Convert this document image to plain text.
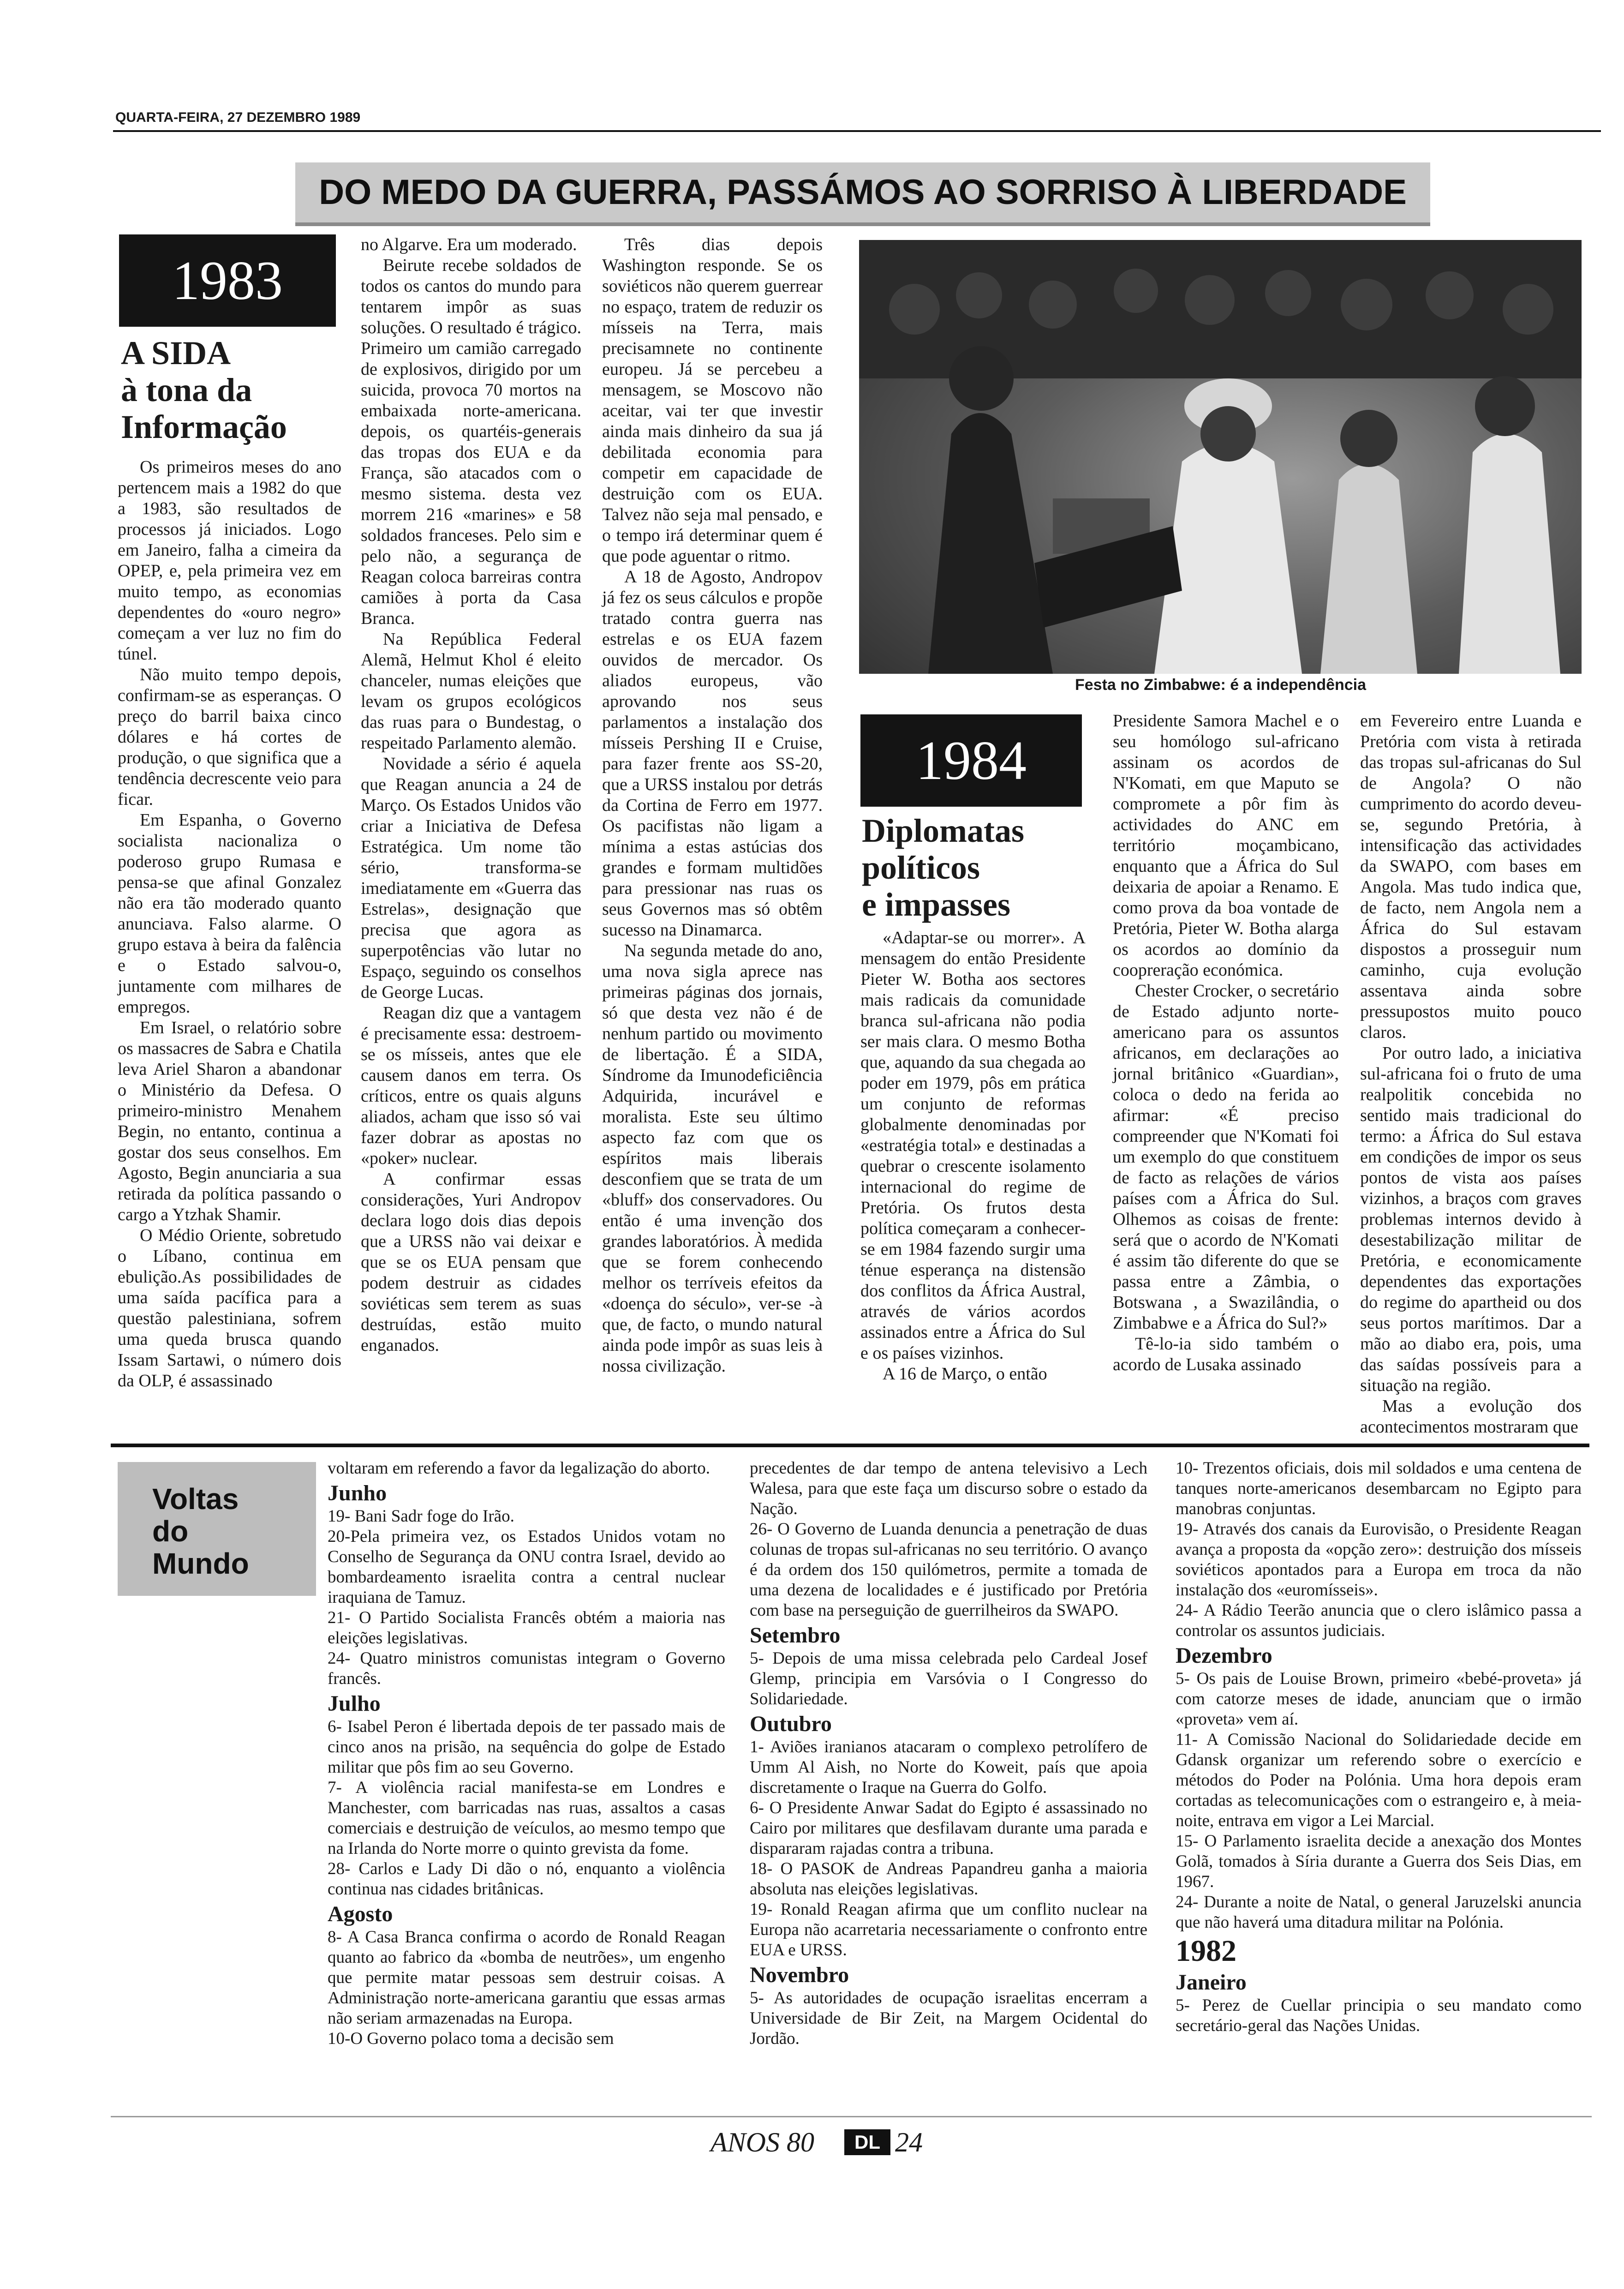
QUARTA-FEIRA, 27 DEZEMBRO 1989
DO MEDO DA GUERRA, PASSÁMOS AO SORRISO À LIBERDADE
1983
A SIDA
à tona da
Informação

Os primeiros meses do ano pertencem mais a 1982 do que a 1983, são resultados de processos já iniciados. Logo em Janeiro, falha a cimeira da OPEP, e, pela primeira vez em muito tempo, as economias dependentes do «ouro negro» começam a ver luz no fim do túnel.

Não muito tempo depois, confirmam-se as esperanças. O preço do barril baixa cinco dólares e há cortes de produção, o que significa que a tendência decrescente veio para ficar.

Em Espanha, o Governo socialista nacionaliza o poderoso grupo Rumasa e pensa-se que afinal Gonzalez não era tão moderado quanto anunciava. Falso alarme. O grupo estava à beira da falência e o Estado salvou-o, juntamente com milhares de empregos.

Em Israel, o relatório sobre os massacres de Sabra e Chatila leva Ariel Sharon a abandonar o Ministério da Defesa. O primeiro-ministro Menahem Begin, no entanto, continua a gostar dos seus conselhos. Em Agosto, Begin anunciaria a sua retirada da política passando o cargo a Ytzhak Shamir.

O Médio Oriente, sobretudo o Líbano, continua em ebulição.As possibilidades de uma saída pacífica para a questão palestiniana, sofrem uma queda brusca quando Issam Sartawi, o número dois da OLP, é assassinado

no Algarve. Era um moderado.

Beirute recebe soldados de todos os cantos do mundo para tentarem impôr as suas soluções. O resultado é trágico. Primeiro um camião carregado de explosivos, dirigido por um suicida, provoca 70 mortos na embaixada norte-americana. depois, os quartéis-generais das tropas dos EUA e da França, são atacados com o mesmo sistema. desta vez morrem 216 «marines» e 58 soldados franceses. Pelo sim e pelo não, a segurança de Reagan coloca barreiras contra camiões à porta da Casa Branca.

Na República Federal Alemã, Helmut Khol é eleito chanceler, numas eleições que levam os grupos ecológicos das ruas para o Bundestag, o respeitado Parlamento alemão.

Novidade a sério é aquela que Reagan anuncia a 24 de Março. Os Estados Unidos vão criar a Iniciativa de Defesa Estratégica. Um nome tão sério, transforma-se imediatamente em «Guerra das Estrelas», designação que precisa que agora as superpotências vão lutar no Espaço, seguindo os conselhos de George Lucas.

Reagan diz que a vantagem é precisamente essa: destroem-se os mísseis, antes que ele causem danos em terra. Os críticos, entre os quais alguns aliados, acham que isso só vai fazer dobrar as apostas no «poker» nuclear.

A confirmar essas considerações, Yuri Andropov declara logo dois dias depois que a URSS não vai deixar e que se os EUA pensam que podem destruir as cidades soviéticas sem terem as suas destruídas, estão muito enganados.

Três dias depois Washington responde. Se os soviéticos não querem guerrear no espaço, tratem de reduzir os mísseis na Terra, mais precisamnete no continente europeu. Já se percebeu a mensagem, se Moscovo não aceitar, vai ter que investir ainda mais dinheiro da sua já debilitada economia para competir em capacidade de destruição com os EUA. Talvez não seja mal pensado, e o tempo irá determinar quem é que pode aguentar o ritmo.

A 18 de Agosto, Andropov já fez os seus cálculos e propõe tratado contra guerra nas estrelas e os EUA fazem ouvidos de mercador. Os aliados europeus, vão aprovando nos seus parlamentos a instalação dos mísseis Pershing II e Cruise, para fazer frente aos SS-20, que a URSS instalou por detrás da Cortina de Ferro em 1977. Os pacifistas não ligam a mínima a estas astúcias dos grandes e formam multidões para pressionar nas ruas os seus Governos mas só obtêm sucesso na Dinamarca.

Na segunda metade do ano, uma nova sigla aprece nas primeiras páginas dos jornais, só que desta vez não é de nenhum partido ou movimento de libertação. É a SIDA, Síndrome da Imunodeficiência Adquirida, incurável e moralista. Este seu último aspecto faz com que os espíritos mais liberais desconfiem que se trata de um «bluff» dos conservadores. Ou então é uma invenção dos grandes laboratórios. À medida que se forem conhecendo melhor os terríveis efeitos da «doença do século», ver-se -à que, de facto, o mundo natural ainda pode impôr as suas leis à nossa civilização.

Festa no Zimbabwe: é a independência
1984
Diplomatas
políticos
e impasses

«Adaptar-se ou morrer». A mensagem do então Presidente Pieter W. Botha aos sectores mais radicais da comunidade branca sul-africana não podia ser mais clara. O mesmo Botha que, aquando da sua chegada ao poder em 1979, pôs em prática um conjunto de reformas globalmente denominadas por «estratégia total» e destinadas a quebrar o crescente isolamento internacional do regime de Pretória. Os frutos desta política começaram a conhecer-se em 1984 fazendo surgir uma ténue esperança na distensão dos conflitos da África Austral, através de vários acordos assinados entre a África do Sul e os países vizinhos.

A 16 de Março, o então

Presidente Samora Machel e o seu homólogo sul-africano assinam os acordos de N'Komati, em que Maputo se compromete a pôr fim às actividades do ANC em território moçambicano, enquanto que a África do Sul deixaria de apoiar a Renamo. E como prova da boa vontade de Pretória, Pieter W. Botha alarga os acordos ao domínio da coopreração económica.

Chester Crocker, o secretário de Estado adjunto norte-americano para os assuntos africanos, em declarações ao jornal britânico «Guardian», coloca o dedo na ferida ao afirmar: «É preciso compreender que N'Komati foi um exemplo do que constituem de facto as relações de vários países com a África do Sul. Olhemos as coisas de frente: será que o acordo de N'Komati é assim tão diferente do que se passa entre a Zâmbia, o Botswana , a Swazilândia, o Zimbabwe e a África do Sul?»

Tê-lo-ia sido também o acordo de Lusaka assinado

em Fevereiro entre Luanda e Pretória com vista à retirada das tropas sul-africanas do Sul de Angola? O não cumprimento do acordo deveu-se, segundo Pretória, à intensificação das actividades da SWAPO, com bases em Angola. Mas tudo indica que, de facto, nem Angola nem a África do Sul estavam dispostos a prosseguir num caminho, cuja evolução assentava ainda sobre pressupostos muito pouco claros.

Por outro lado, a iniciativa sul-africana foi o fruto de uma realpolitik concebida no sentido mais tradicional do termo: a África do Sul estava em condições de impor os seus pontos de vista aos países vizinhos, a braços com graves problemas internos devido à desestabilização militar de Pretória, e economicamente dependentes das exportações do regime do apartheid ou dos seus portos marítimos. Dar a mão ao diabo era, pois, uma das saídas possíveis para a situação na região.

Mas a evolução dos acontecimentos mostraram que

Voltas
do
Mundo

voltaram em referendo a favor da legalização do aborto.

Junho

19- Bani Sadr foge do Irão.

20-Pela primeira vez, os Estados Unidos votam no Conselho de Segurança da ONU contra Israel, devido ao bombardeamento israelita contra a central nuclear iraquiana de Tamuz.

21- O Partido Socialista Francês obtém a maioria nas eleições legislativas.

24- Quatro ministros comunistas integram o Governo francês.

Julho

6- Isabel Peron é libertada depois de ter passado mais de cinco anos na prisão, na sequência do golpe de Estado militar que pôs fim ao seu Governo.

7- A violência racial manifesta-se em Londres e Manchester, com barricadas nas ruas, assaltos a casas comerciais e destruição de veículos, ao mesmo tempo que na Irlanda do Norte morre o quinto grevista da fome.

28- Carlos e Lady Di dão o nó, enquanto a violência continua nas cidades britânicas.

Agosto

8- A Casa Branca confirma o acordo de Ronald Reagan quanto ao fabrico da «bomba de neutrões», um engenho que permite matar pessoas sem destruir coisas. A Administração norte-americana garantiu que essas armas não seriam armazenadas na Europa.

10-O Governo polaco toma a decisão sem

precedentes de dar tempo de antena televisivo a Lech Walesa, para que este faça um discurso sobre o estado da Nação.

26- O Governo de Luanda denuncia a penetração de duas colunas de tropas sul-africanas no seu território. O avanço é da ordem dos 150 quilómetros, permite a tomada de uma dezena de localidades e é justificado por Pretória com base na perseguição de guerrilheiros da SWAPO.

Setembro

5- Depois de uma missa celebrada pelo Cardeal Josef Glemp, principia em Varsóvia o I Congresso do Solidariedade.

Outubro

1- Aviões iranianos atacaram o complexo petrolífero de Umm Al Aish, no Norte do Koweit, país que apoia discretamente o Iraque na Guerra do Golfo.

6- O Presidente Anwar Sadat do Egipto é assassinado no Cairo por militares que desfilavam durante uma parada e dispararam rajadas contra a tribuna.

18- O PASOK de Andreas Papandreu ganha a maioria absoluta nas eleições legislativas.

19- Ronald Reagan afirma que um conflito nuclear na Europa não acarretaria necessariamente o confronto entre EUA e URSS.

Novembro

5- As autoridades de ocupação israelitas encerram a Universidade de Bir Zeit, na Margem Ocidental do Jordão.

10- Trezentos oficiais, dois mil soldados e uma centena de tanques norte-americanos desembarcam no Egipto para manobras conjuntas.

19- Através dos canais da Eurovisão, o Presidente Reagan avança a proposta da «opção zero»: destruição dos mísseis soviéticos apontados para a Europa em troca da não instalação dos «euromísseis».

24- A Rádio Teerão anuncia que o clero islâmico passa a controlar os assuntos judiciais.

Dezembro

5- Os pais de Louise Brown, primeiro «bebé-proveta» já com catorze meses de idade, anunciam que o irmão «proveta» vem aí.

11- A Comissão Nacional do Solidariedade decide em Gdansk organizar um referendo sobre o exercício e métodos do Poder na Polónia. Uma hora depois eram cortadas as telecomunicações com o estrangeiro e, à meia-noite, entrava em vigor a Lei Marcial.

15- O Parlamento israelita decide a anexação dos Montes Golã, tomados à Síria durante a Guerra dos Seis Dias, em 1967.

24- Durante a noite de Natal, o general Jaruzelski anuncia que não haverá uma ditadura militar na Polónia.

1982

Janeiro

5- Perez de Cuellar principia o seu mandato como secretário-geral das Nações Unidas.

ANOS 80	DL 24
